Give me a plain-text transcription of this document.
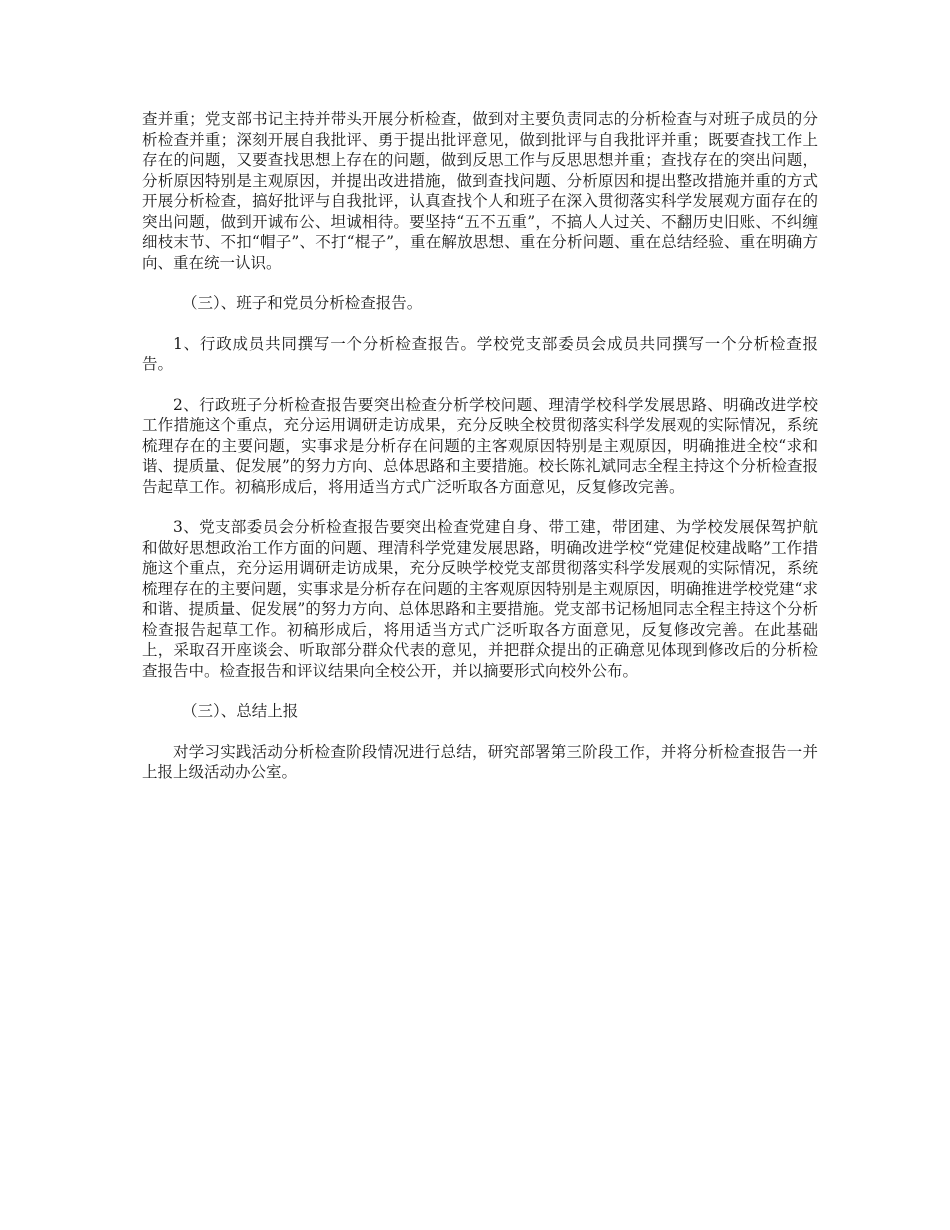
查并重；党支部书记主持并带头开展分析检查，做到对主要负责同志的分析检查与对班子成员的分析检查并重；深刻开展自我批评、勇于提出批评意见，做到批评与自我批评并重；既要查找工作上存在的问题，又要查找思想上存在的问题，做到反思工作与反思思想并重；查找存在的突出问题，分析原因特别是主观原因，并提出改进措施，做到查找问题、分析原因和提出整改措施并重的方式开展分析检查，搞好批评与自我批评，认真查找个人和班子在深入贯彻落实科学发展观方面存在的突出问题，做到开诚布公、坦诚相待。要坚持“五不五重”，不搞人人过关、不翻历史旧账、不纠缠细枝末节、不扣“帽子”、不打“棍子”，重在解放思想、重在分析问题、重在总结经验、重在明确方向、重在统一认识。

（三）、班子和党员分析检查报告。

1、行政成员共同撰写一个分析检查报告。学校党支部委员会成员共同撰写一个分析检查报告。

2、行政班子分析检查报告要突出检查分析学校问题、理清学校科学发展思路、明确改进学校工作措施这个重点，充分运用调研走访成果，充分反映全校贯彻落实科学发展观的实际情况，系统梳理存在的主要问题，实事求是分析存在问题的主客观原因特别是主观原因，明确推进全校“求和谐、提质量、促发展”的努力方向、总体思路和主要措施。校长陈礼斌同志全程主持这个分析检查报告起草工作。初稿形成后，将用适当方式广泛听取各方面意见，反复修改完善。

3、党支部委员会分析检查报告要突出检查党建自身、带工建，带团建、为学校发展保驾护航和做好思想政治工作方面的问题、理清科学党建发展思路，明确改进学校“党建促校建战略”工作措施这个重点，充分运用调研走访成果，充分反映学校党支部贯彻落实科学发展观的实际情况，系统梳理存在的主要问题，实事求是分析存在问题的主客观原因特别是主观原因，明确推进学校党建“求和谐、提质量、促发展”的努力方向、总体思路和主要措施。党支部书记杨旭同志全程主持这个分析检查报告起草工作。初稿形成后，将用适当方式广泛听取各方面意见，反复修改完善。在此基础上，采取召开座谈会、听取部分群众代表的意见，并把群众提出的正确意见体现到修改后的分析检查报告中。检查报告和评议结果向全校公开，并以摘要形式向校外公布。

（三）、总结上报

对学习实践活动分析检查阶段情况进行总结，研究部署第三阶段工作，并将分析检查报告一并上报上级活动办公室。
